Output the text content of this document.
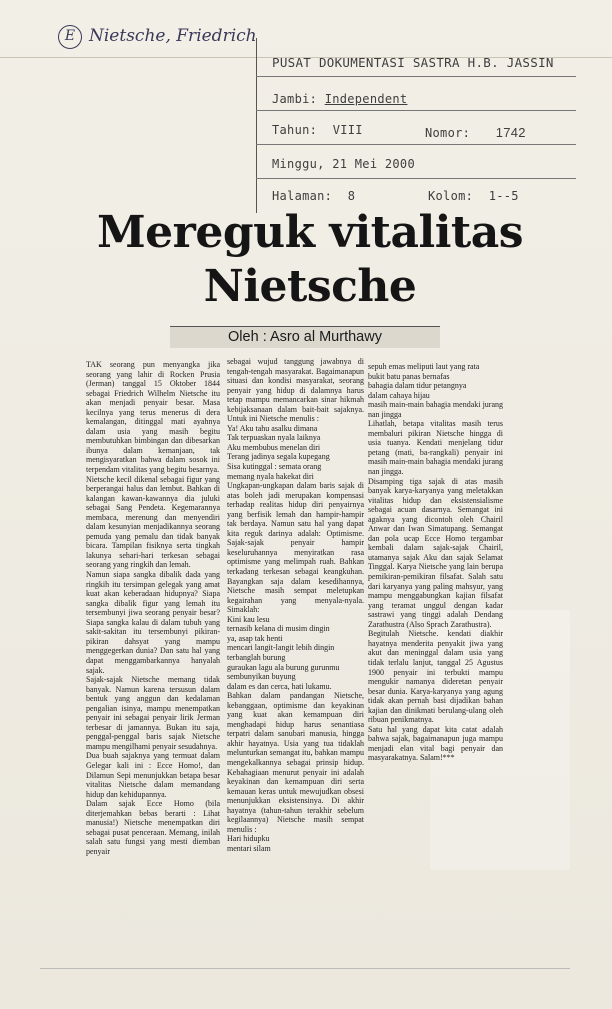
E Nietsche, Friedrich
PUSAT DOKUMENTASI SASTRA H.B. JASSIN
Jambi: Independent
Tahun: VIII	Nomor: 1742
Minggu, 21 Mei 2000
Halaman: 8	Kolom: 1--5
Mereguk vitalitas
Nietsche
Oleh : Asro al Murthawy

TAK seorang pun menyangka jika seorang yang lahir di Rocken Prusia (Jerman) tanggal 15 Oktober 1844 sebagai Friedrich Wilhelm Nietsche itu akan menjadi penyair besar. Masa kecilnya yang terus menerus di dera kemalangan, ditinggal mati ayahnya dalam usia yang masih begitu membutuhkan bimbingan dan dibesarkan ibunya dalam kemanjaan, tak mengisyaratkan bahwa dalam sosok ini terpendam vitalitas yang begitu besarnya.

Nietsche kecil dikenal sebagai figur yang berperangai halus dan lembut. Bahkan di kalangan kawan-kawannya dia juluki sebagai Sang Pendeta. Kegemarannya membaca, merenung dan menyendiri dalam kesunyian menjadikannya seorang pemuda yang pemalu dan tidak banyak bicara. Tampilan fisiknya serta tingkah lakunya sehari-hari terkesan sebagai seorang yang ringkih dan lemah.

Namun siapa sangka dibalik dada yang ringkih itu tersimpan gelegak yang amat kuat akan keberadaan hidupnya? Siapa sangka dibalik figur yang lemah itu tersembunyi jiwa seorang penyair besar? Siapa sangka kalau di dalam tubuh yang sakit-sakitan itu tersembunyi pikiran-pikiran dahsyat yang mampu menggegerkan dunia? Dan satu hal yang dapat menggambarkannya hanyalah sajak.

Sajak-sajak Nietsche memang tidak banyak. Namun karena tersusun dalam bentuk yang anggun dan kedalaman pengalian isinya, mampu menempatkan penyair ini sebagai penyair lirik Jerman terbesar di jamannya. Bukan itu saja, penggal-penggal baris sajak Nietsche mampu mengilhami penyair sesudahnya.

Dua buah sajaknya yang termuat dalam Gelegar kali ini : Ecce Homo!, dan Dilamun Sepi menunjukkan betapa besar vitalitas Nietsche dalam memandang hidup dan kehidupannya.

Dalam sajak Ecce Homo (bila diterjemahkan bebas berarti : Lihat manusia!) Nietsche menempatkan diri sebagai pusat penceraan. Memang, inilah salah satu fungsi yang mesti diemban penyair

sebagai wujud tanggung jawabnya di tengah-tengah masyarakat. Bagaimanapun situasi dan kondisi masyarakat, seorang penyair yang hidup di dalamnya harus tetap mampu memancarkan sinar hikmah kebijaksanaan dalam bait-bait sajaknya. Untuk ini Nietsche menulis :

Ya! Aku tahu asalku dimana

Tak terpuaskan nyala laiknya

Aku membubus menelan diri

Terang jadinya segala kupegang

Sisa kutinggal : semata orang

memang nyala hakekat diri

Ungkapan-ungkapan dalam baris sajak di atas boleh jadi merupakan kompensasi terhadap realitas hidup diri penyairnya yang berfisik lemah dan hampir-hampir tak berdaya. Namun satu hal yang dapat kita reguk darinya adalah: Optimisme. Sajak-sajak penyair hampir keseluruhannya menyiratkan rasa optimisme yang melimpah ruah. Bahkan terkadang terkesan sebagai keangkuhan. Bayangkan saja dalam kesedihannya, Nietsche masih sempat meletupkan kegairahan yang menyala-nyala. Simaklah:

Kini kau lesu

ternasib kelana di musim dingin

ya, asap tak henti

mencari langit-langit lebih dingin

terbanglah burung

guraukan lagu ala burung gurunmu

sembunyikan buyung

dalam es dan cerca, hati lukamu.

Bahkan dalam pandangan Nietsche, kebanggaan, optimisme dan keyakinan yang kuat akan kemampuan diri menghadapi hidup harus senantiasa terpatri dalam sanubari manusia, hingga akhir hayatnya. Usia yang tua tidaklah melunturkan semangat itu, bahkan mampu mengekalkannya sebagai prinsip hidup. Kebahagiaan menurut penyair ini adalah keyakinan dan kemampuan diri serta kemauan keras untuk mewujudkan obsesi menunjukkan eksistensinya. Di akhir hayatnya (tahun-tahun terakhir sebelum kegilaannya) Nietsche masih sempat menulis :

Hari hidupku

mentari silam

sepuh emas meliputi laut yang rata

bukit batu panas bernafas

bahagia dalam tidur petangnya

dalam cahaya hijau

masih main-main bahagia mendaki jurang nan jingga

Lihatlah, betapa vitalitas masih terus membaluri pikiran Nietsche hingga di usia tuanya. Kendati menjelang tidur petang (mati, ba-rangkali) penyair ini masih main-main bahagia mendaki jurang nan jingga.

Disamping tiga sajak di atas masih banyak karya-karyanya yang meletakkan vitalitas hidup dan eksistensialisme sebagai acuan dasarnya. Semangat ini agaknya yang dicontoh oleh Chairil Anwar dan Iwan Simatupang. Semangat dan pola ucap Ecce Homo tergambar kembali dalam sajak-sajak Chairil, utamanya sajak Aku dan sajak Selamat Tinggal. Karya Nietsche yang lain berupa pemikiran-pemikiran filsafat. Salah satu dari karyanya yang paling mahsyur, yang mampu menggabungkan kajian filsafat yang teramat unggul dengan kadar sastrawi yang tinggi adalah Dendang Zarathustra (Also Sprach Zarathustra).

Begitulah Nietsche. kendati diakhir hayatnya menderita penyakit jiwa yang akut dan meninggal dalam usia yang tidak terlalu lanjut, tanggal 25 Agustus 1900 penyair ini terbukti mampu mengukir namanya dideretan penyair besar dunia. Karya-karyanya yang agung tidak akan pernah basi dijadikan bahan kajian dan dinikmati berulang-ulang oleh ribuan penikmatnya.

Satu hal yang dapat kita catat adalah bahwa sajak, bagaimanapun juga mampu menjadi elan vital bagi penyair dan masyarakatnya. Salam!***
